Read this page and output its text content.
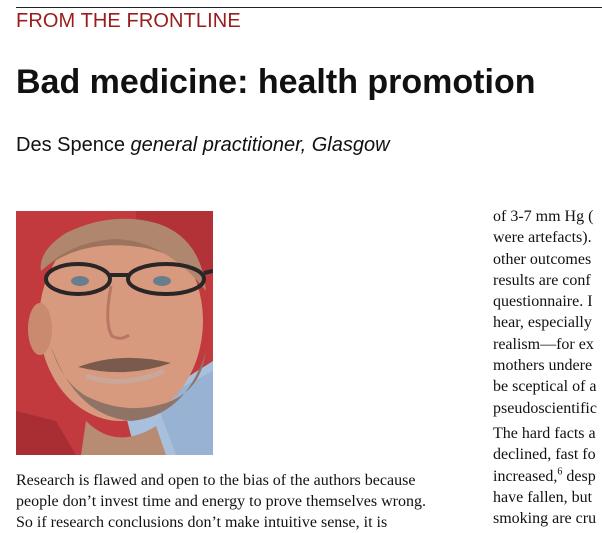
FROM THE FRONTLINE
Bad medicine: health promotion
Des Spence general practitioner, Glasgow
Research is flawed and open to the bias of the authors because
people don’t invest time and energy to prove themselves wrong.
So if research conclusions don’t make intuitive sense, it is
of 3-7 mm Hg (
were artefacts).
other outcomes
results are conf
questionnaire. I
hear, especially
realism—for ex
mothers undere
be sceptical of a
pseudoscientific
The hard facts a
declined, fast fo
increased,$^6$ desp
have fallen, but
smoking are cru
